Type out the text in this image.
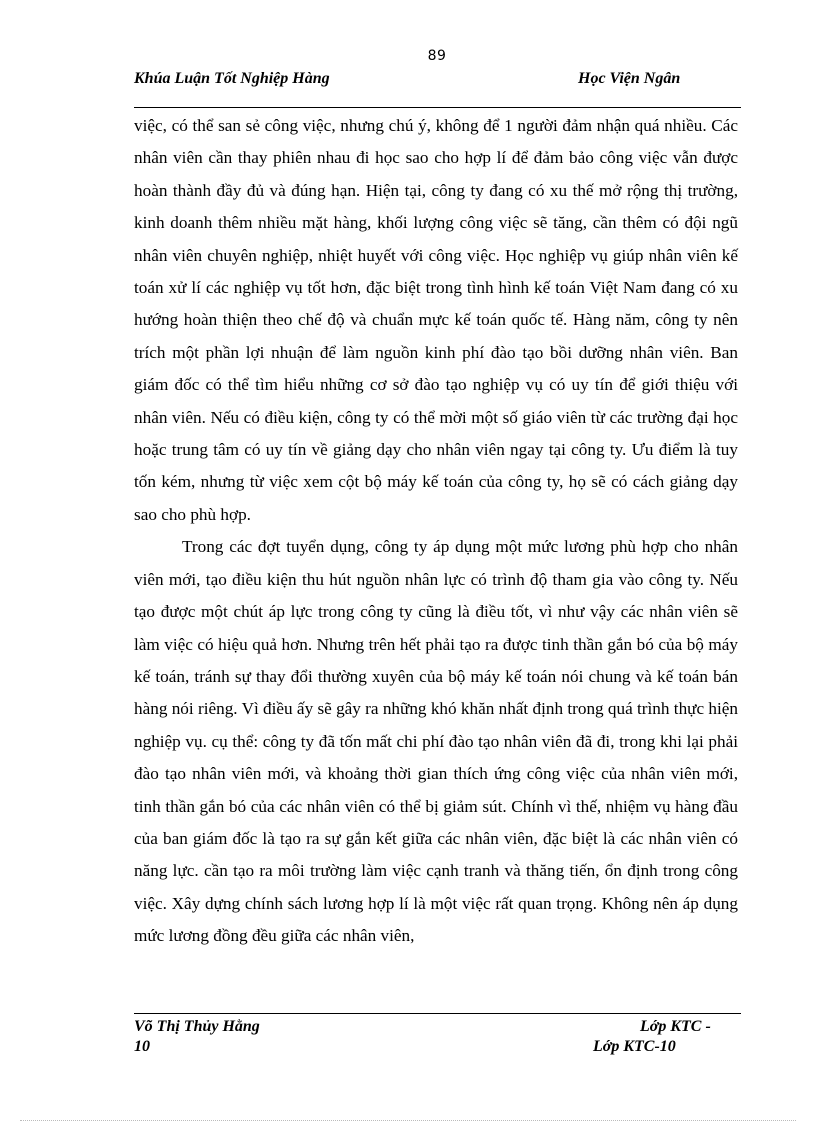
89
Khúa Luận Tốt Nghiệp Hàng	Học Viện Ngân

việc, có thể san sẻ công việc, nhưng chú ý, không để 1 người đảm nhận quá nhiều. Các nhân viên cần thay phiên nhau đi học sao cho hợp lí để đảm bảo công việc vẫn được hoàn thành đầy đủ và đúng hạn. Hiện tại, công ty đang có xu thế mở rộng thị trường, kinh doanh thêm nhiều mặt hàng, khối lượng công việc sẽ tăng, cần thêm có đội ngũ nhân viên chuyên nghiệp, nhiệt huyết với công việc. Học nghiệp vụ giúp nhân viên kế toán xử lí các nghiệp vụ tốt hơn, đặc biệt trong tình hình kế toán Việt Nam đang có xu hướng hoàn thiện theo chế độ và chuẩn mực kế toán quốc tế. Hàng năm, công ty nên trích một phần lợi nhuận để làm nguồn kinh phí đào tạo bồi dưỡng nhân viên. Ban giám đốc có thể tìm hiểu những cơ sở đào tạo nghiệp vụ có uy tín để giới thiệu với nhân viên. Nếu có điều kiện, công ty có thể mời một số giáo viên từ các trường đại học hoặc trung tâm có uy tín về giảng dạy cho nhân viên ngay tại công ty. Ưu điểm là tuy tốn kém, nhưng từ việc xem cột bộ máy kế toán của công ty, họ sẽ có cách giảng dạy sao cho phù hợp.

Trong các đợt tuyển dụng, công ty áp dụng một mức lương phù hợp cho nhân viên mới, tạo điều kiện thu hút nguồn nhân lực có trình độ tham gia vào công ty. Nếu tạo được một chút áp lực trong công ty cũng là điều tốt, vì như vậy các nhân viên sẽ làm việc có hiệu quả hơn. Nhưng trên hết phải tạo ra được tinh thần gắn bó của bộ máy kế toán, tránh sự thay đổi thường xuyên của bộ máy kế toán nói chung và kế toán bán hàng nói riêng. Vì điều ấy sẽ gây ra những khó khăn nhất định trong quá trình thực hiện nghiệp vụ. cụ thể: công ty đã tốn mất chi phí đào tạo nhân viên đã đi, trong khi lại phải đào tạo nhân viên mới, và khoảng thời gian thích ứng công việc của nhân viên mới, tinh thần gắn bó của các nhân viên có thể bị giảm sút. Chính vì thế, nhiệm vụ hàng đầu của ban giám đốc là tạo ra sự gắn kết giữa các nhân viên, đặc biệt là các nhân viên có năng lực. cần tạo ra môi trường làm việc cạnh tranh và thăng tiến, ổn định trong công việc. Xây dựng chính sách lương hợp lí là một việc rất quan trọng. Không nên áp dụng mức lương đồng đều giữa các nhân viên,

Võ Thị Thủy Hằng	Lớp KTC -
10	Lớp KTC-10
